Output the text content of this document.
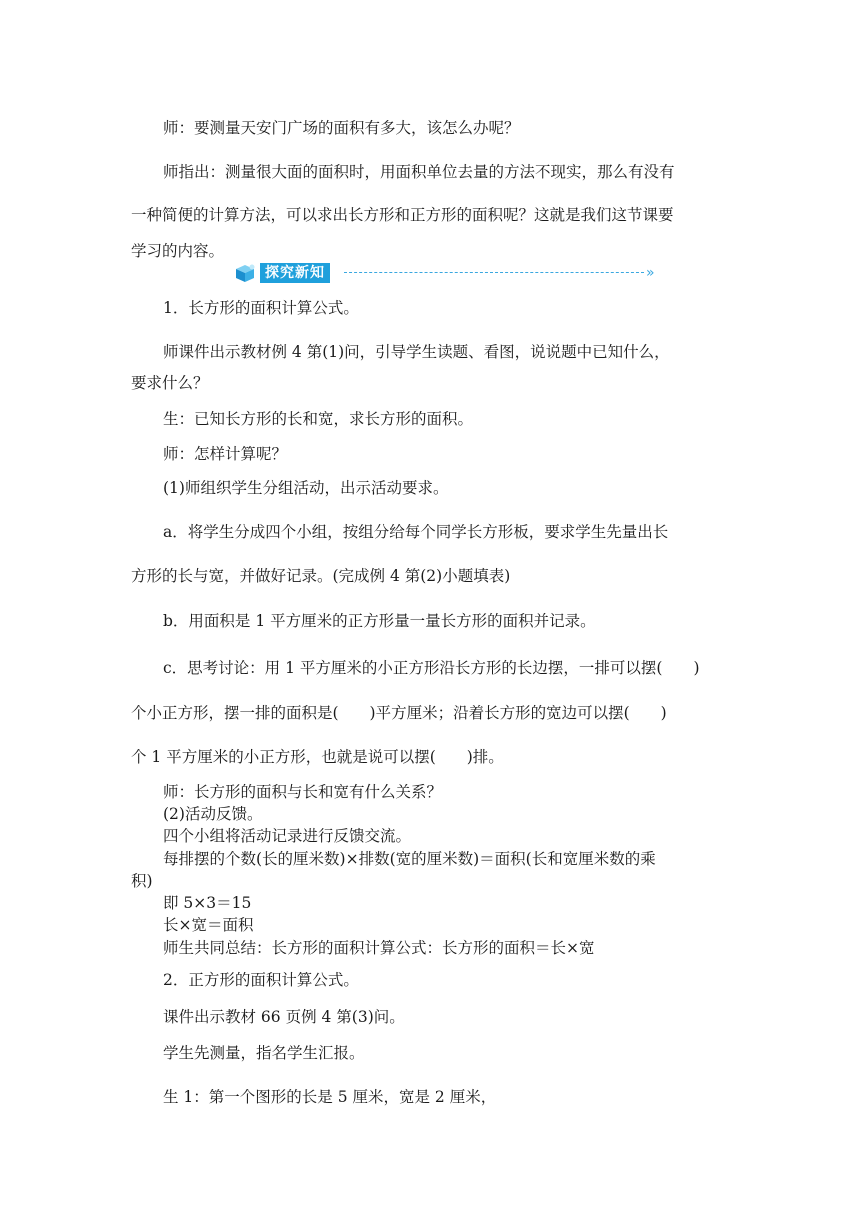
师：要测量天安门广场的面积有多大，该怎么办呢？
师指出：测量很大面的面积时，用面积单位去量的方法不现实，那么有没有
一种简便的计算方法，可以求出长方形和正方形的面积呢？这就是我们这节课要
学习的内容。
探究新知	»
1．长方形的面积计算公式。
师课件出示教材例 4 第(1)问，引导学生读题、看图，说说题中已知什么，
要求什么？
生：已知长方形的长和宽，求长方形的面积。
师：怎样计算呢？
(1)师组织学生分组活动，出示活动要求。
a．将学生分成四个小组，按组分给每个同学长方形板，要求学生先量出长
方形的长与宽，并做好记录。(完成例 4 第(2)小题填表)
b．用面积是 1 平方厘米的正方形量一量长方形的面积并记录。
c．思考讨论：用 1 平方厘米的小正方形沿长方形的长边摆，一排可以摆(　　)
个小正方形，摆一排的面积是(　　)平方厘米；沿着长方形的宽边可以摆(　　)
个 1 平方厘米的小正方形，也就是说可以摆(　　)排。
师：长方形的面积与长和宽有什么关系？
(2)活动反馈。
四个小组将活动记录进行反馈交流。
每排摆的个数(长的厘米数)×排数(宽的厘米数)＝面积(长和宽厘米数的乘
积)
即 5×3＝15
长×宽＝面积
师生共同总结：长方形的面积计算公式：长方形的面积＝长×宽
2．正方形的面积计算公式。
课件出示教材 66 页例 4 第(3)问。
学生先测量，指名学生汇报。
生 1：第一个图形的长是 5 厘米，宽是 2 厘米，
